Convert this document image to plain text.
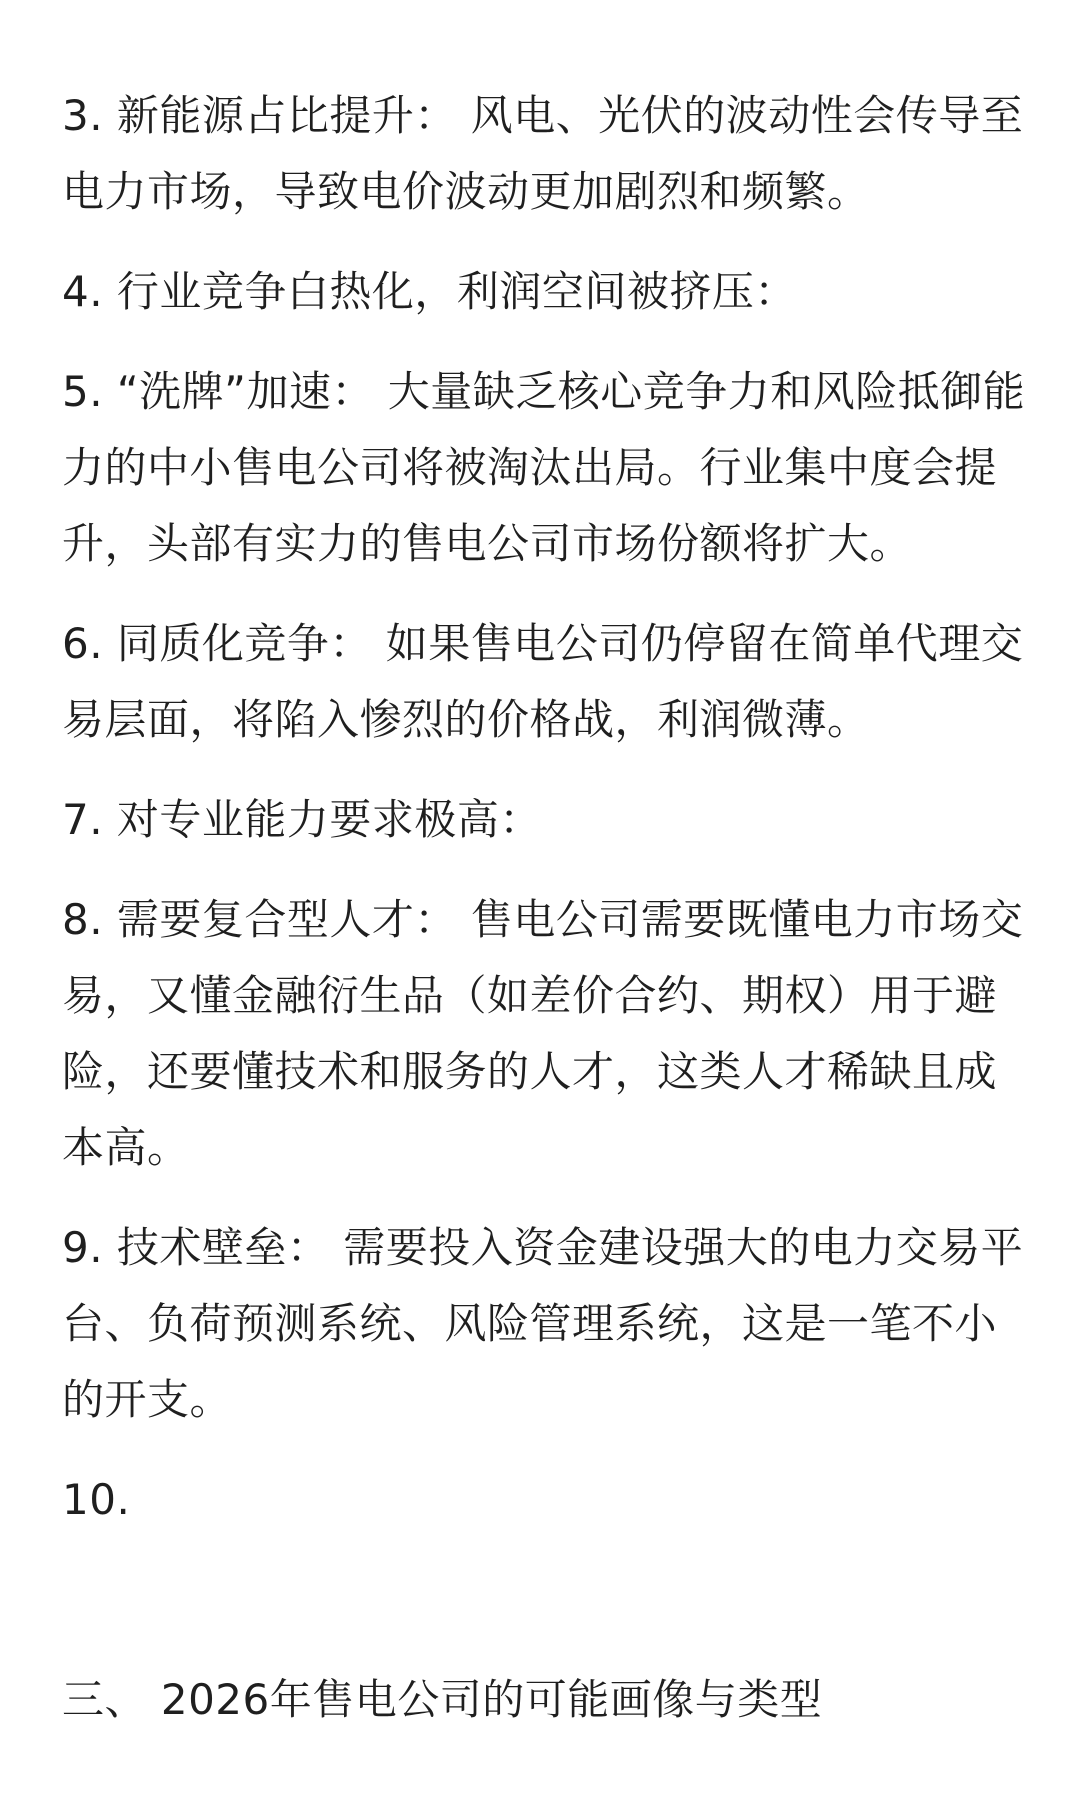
3. 新能源占比提升： 风电、光伏的波动性会传导至电力市场，导致电价波动更加剧烈和频繁。

4. 行业竞争白热化，利润空间被挤压：

5. “洗牌”加速： 大量缺乏核心竞争力和风险抵御能力的中小售电公司将被淘汰出局。行业集中度会提升，头部有实力的售电公司市场份额将扩大。

6. 同质化竞争： 如果售电公司仍停留在简单代理交易层面，将陷入惨烈的价格战，利润微薄。

7. 对专业能力要求极高：

8. 需要复合型人才： 售电公司需要既懂电力市场交易，又懂金融衍生品（如差价合约、期权）用于避险，还要懂技术和服务的人才，这类人才稀缺且成本高。

9. 技术壁垒： 需要投入资金建设强大的电力交易平台、负荷预测系统、风险管理系统，这是一笔不小的开支。

10.

三、 2026年售电公司的可能画像与类型
